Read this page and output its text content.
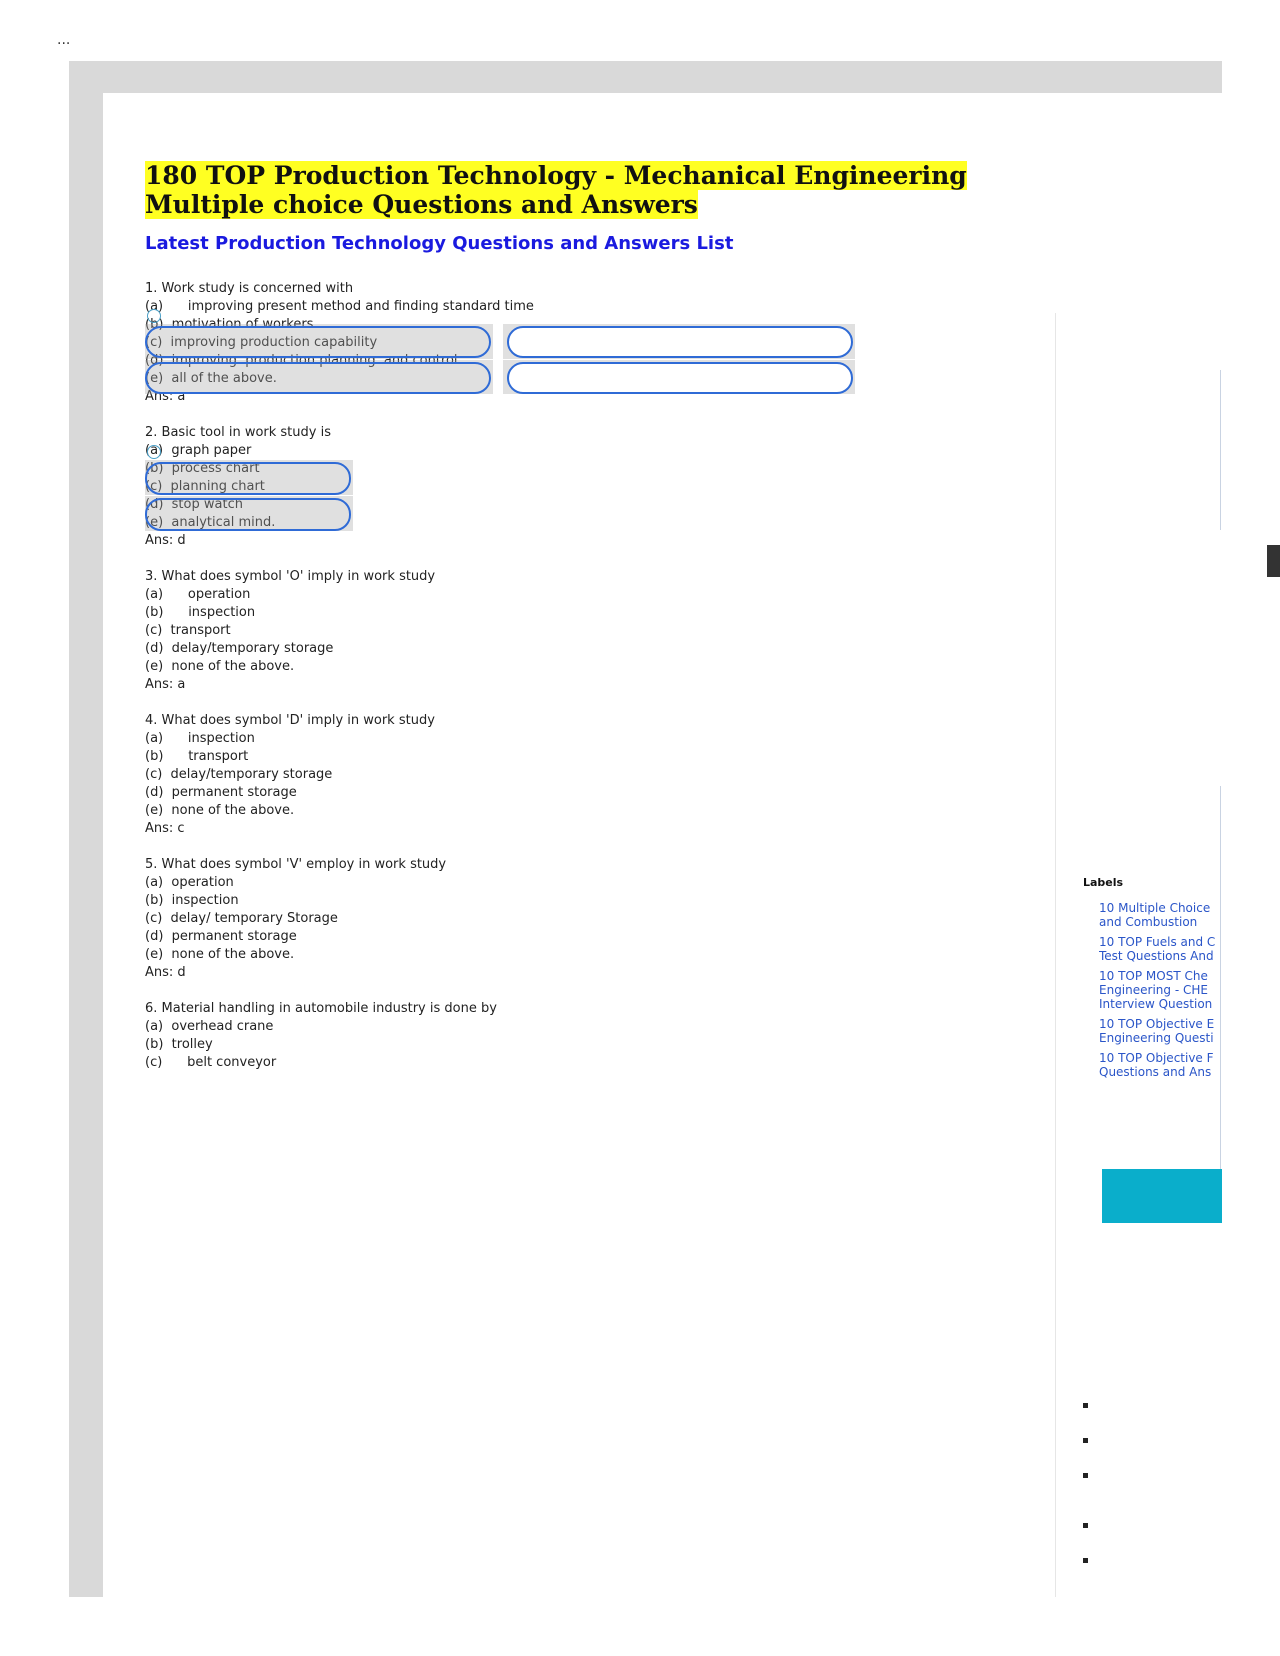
...
180 TOP Production Technology - Mechanical Engineering
Multiple choice Questions and Answers
Latest Production Technology Questions and Answers List
1. Work study is concerned with
(a)      improving present method and finding standard time
(b)  motivation of workers
(c)  improving production capability
(d)  improving  production planning  and control
(e)  all of the above.
Ans: a
2. Basic tool in work study is
(a)  graph paper
(b)  process chart
(c)  planning chart
(d)  stop watch
(e)  analytical mind.
Ans: d
3. What does symbol 'O' imply in work study
(a)      operation
(b)      inspection
(c)  transport
(d)  delay/temporary storage
(e)  none of the above.
Ans: a
4. What does symbol 'D' imply in work study
(a)      inspection
(b)      transport
(c)  delay/temporary storage
(d)  permanent storage
(e)  none of the above.
Ans: c
5. What does symbol 'V' employ in work study
(a)  operation
(b)  inspection
(c)  delay/ temporary Storage
(d)  permanent storage
(e)  none of the above.
Ans: d
6. Material handling in automobile industry is done by
(a)  overhead crane
(b)  trolley
(c)      belt conveyor
Labels
10 Multiple Choice and Combustion
10 TOP Fuels and C Test Questions And
10 TOP MOST Che Engineering - CHE Interview Question
10 TOP Objective E Engineering Questi
10 TOP Objective F Questions and Ans
